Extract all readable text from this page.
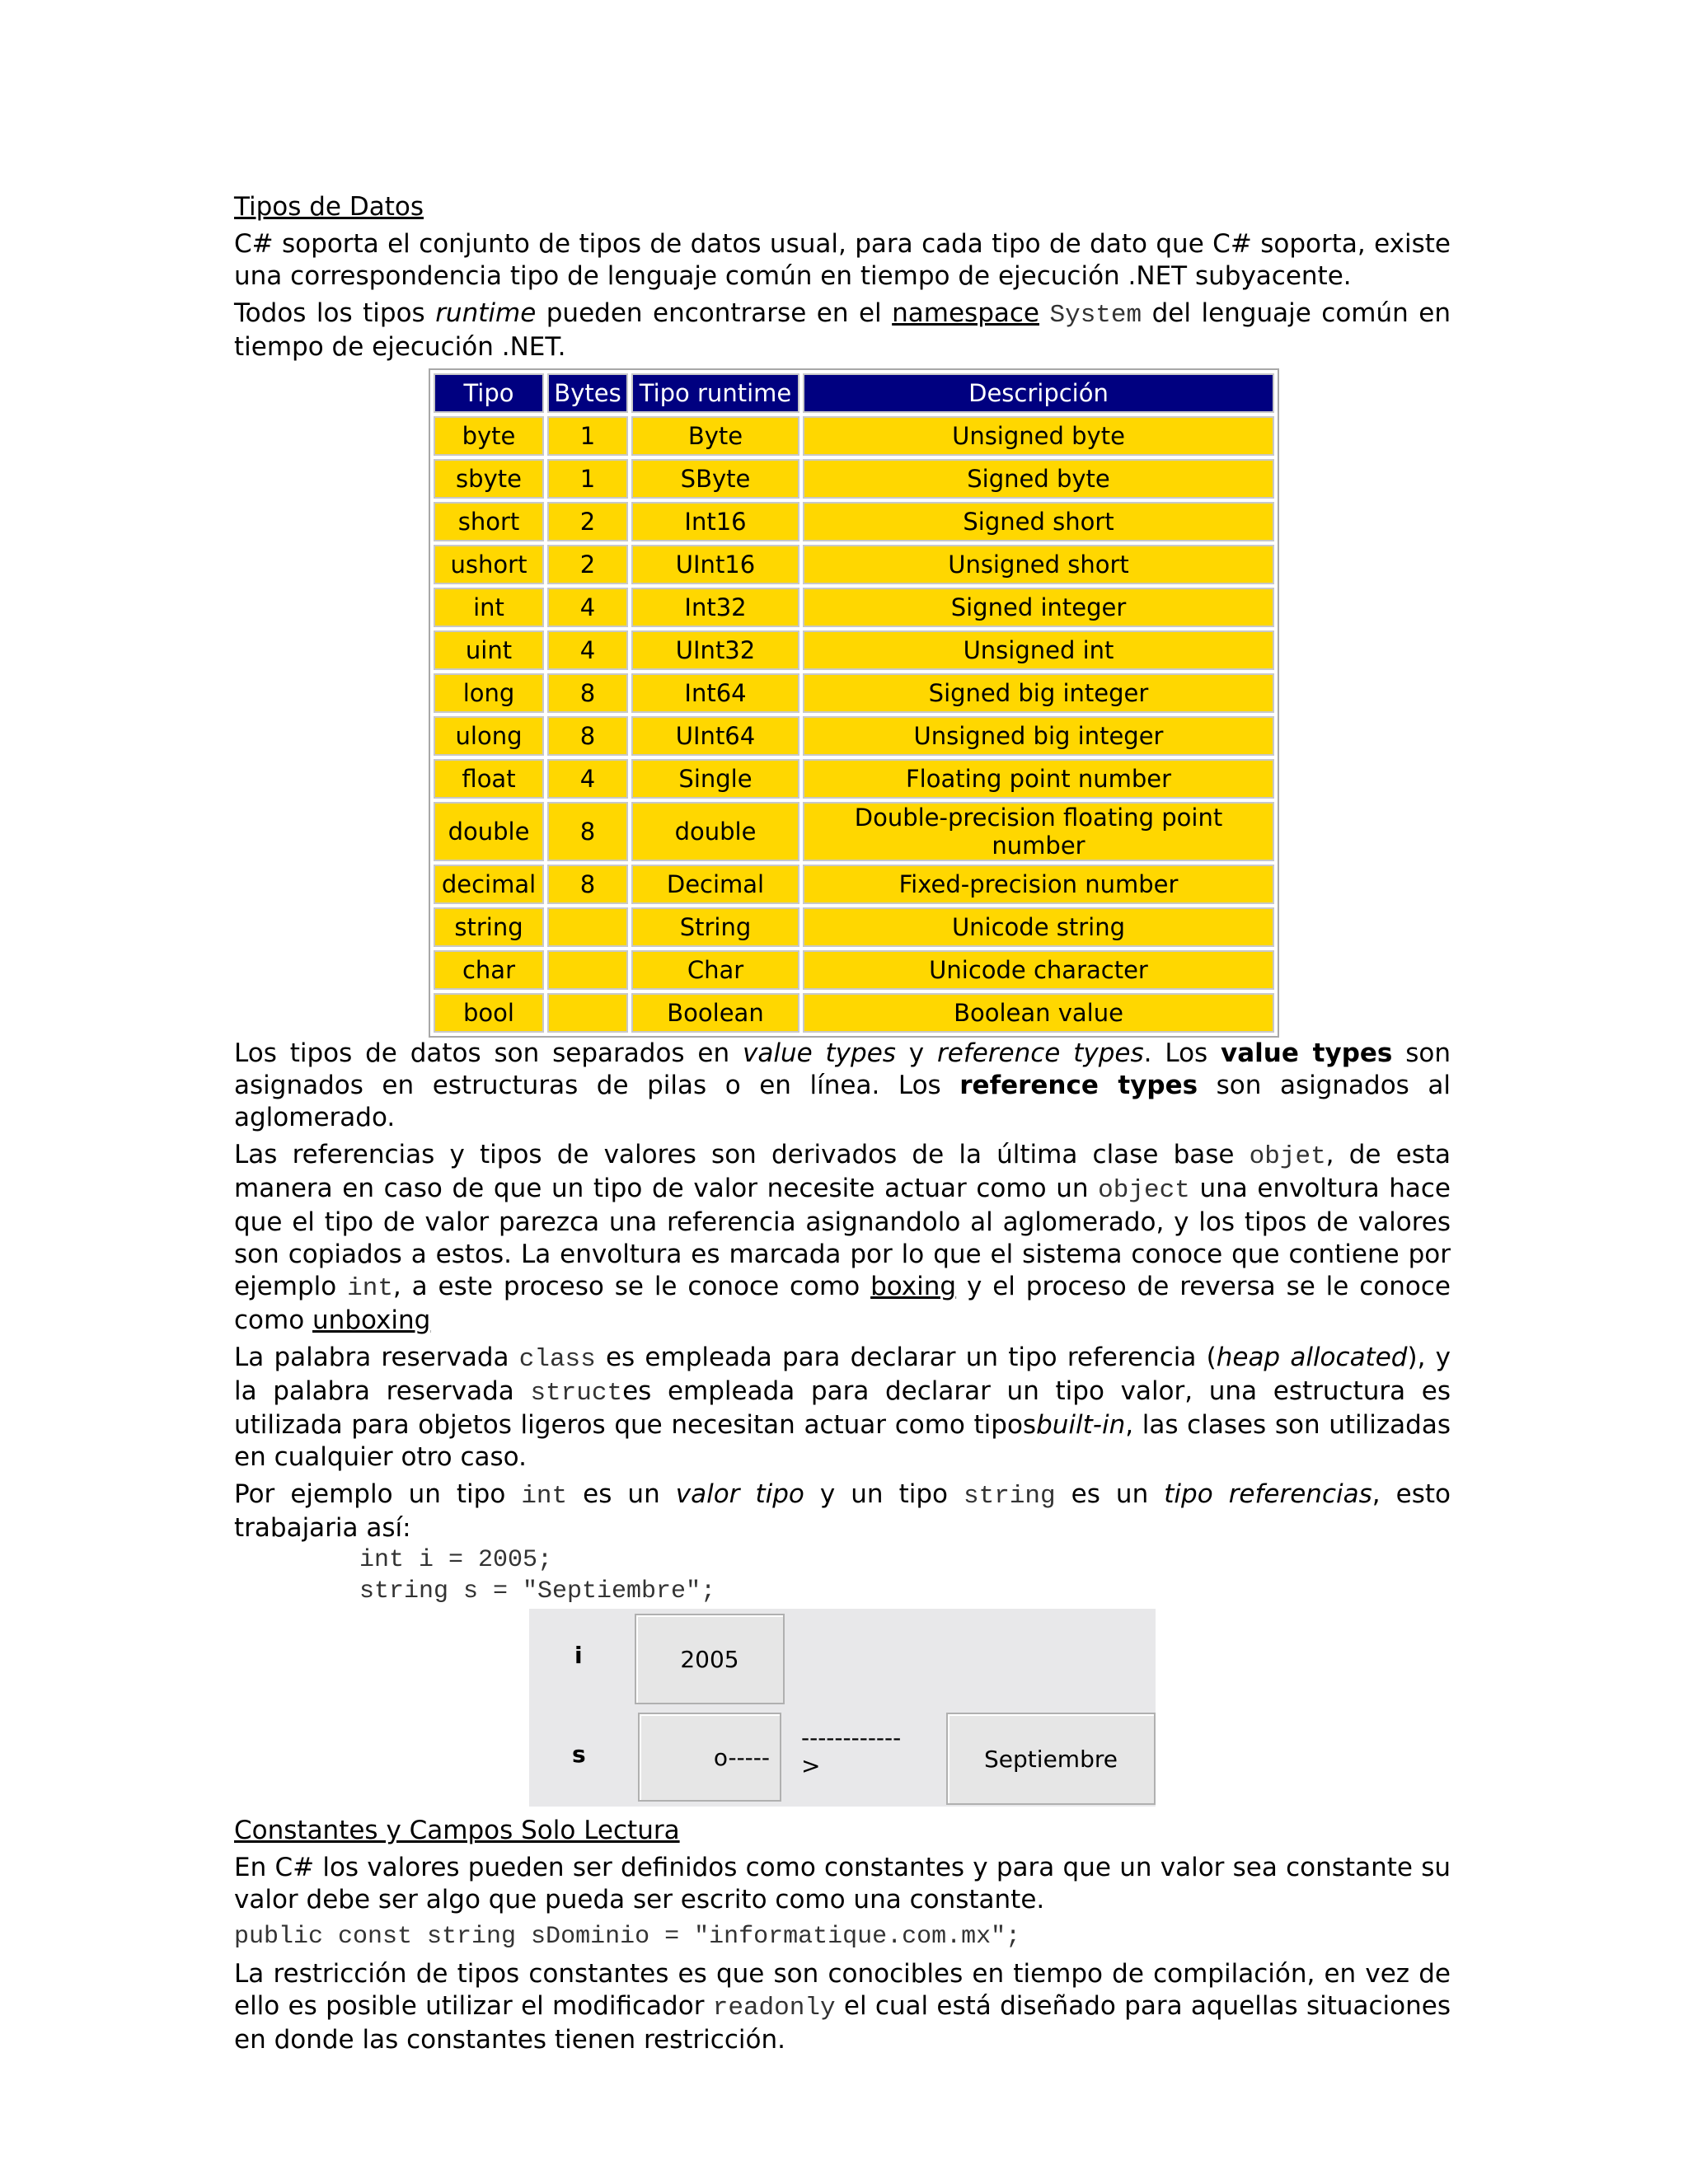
Tipos de Datos

C# soporta el conjunto de tipos de datos usual, para cada tipo de dato que C# soporta, existe una correspondencia tipo de lenguaje común en tiempo de ejecución .NET subyacente.

Todos los tipos runtime pueden encontrarse en el namespace System del lenguaje común en tiempo de ejecución .NET.

Tipo	Bytes	Tipo runtime	Descripción
byte	1	Byte	Unsigned byte
sbyte	1	SByte	Signed byte
short	2	Int16	Signed short
ushort	2	UInt16	Unsigned short
int	4	Int32	Signed integer
uint	4	UInt32	Unsigned int
long	8	Int64	Signed big integer
ulong	8	UInt64	Unsigned big integer
float	4	Single	Floating point number
double	8	double	Double-precision floating point number
decimal	8	Decimal	Fixed-precision number
string		String	Unicode string
char		Char	Unicode character
bool		Boolean	Boolean value

Los tipos de datos son separados en value types y reference types. Los value types son asignados en estructuras de pilas o en línea. Los reference types son asignados al aglomerado.

Las referencias y tipos de valores son derivados de la última clase base objet, de esta manera en caso de que un tipo de valor necesite actuar como un object una envoltura hace que el tipo de valor parezca una referencia asignandolo al aglomerado, y los tipos de valores son copiados a estos. La envoltura es marcada por lo que el sistema conoce que contiene por ejemplo int, a este proceso se le conoce como boxing y el proceso de reversa se le conoce como unboxing

La palabra reservada class es empleada para declarar un tipo referencia (heap allocated), y la palabra reservada structes empleada para declarar un tipo valor, una estructura es utilizada para objetos ligeros que necesitan actuar como tiposbuilt-in, las clases son utilizadas en cualquier otro caso.

Por ejemplo un tipo int es un valor tipo y un tipo string es un tipo referencias, esto trabajaria así:

int i = 2005;
string s = "Septiembre";
i	2005
s	o-----
------------
>	Septiembre

Constantes y Campos Solo Lectura

En C# los valores pueden ser definidos como constantes y para que un valor sea constante su valor debe ser algo que pueda ser escrito como una constante.

public const string sDominio = "informatique.com.mx";

La restricción de tipos constantes es que son conocibles en tiempo de compilación, en vez de ello es posible utilizar el modificador readonly el cual está diseñado para aquellas situaciones en donde las constantes tienen restricción.
